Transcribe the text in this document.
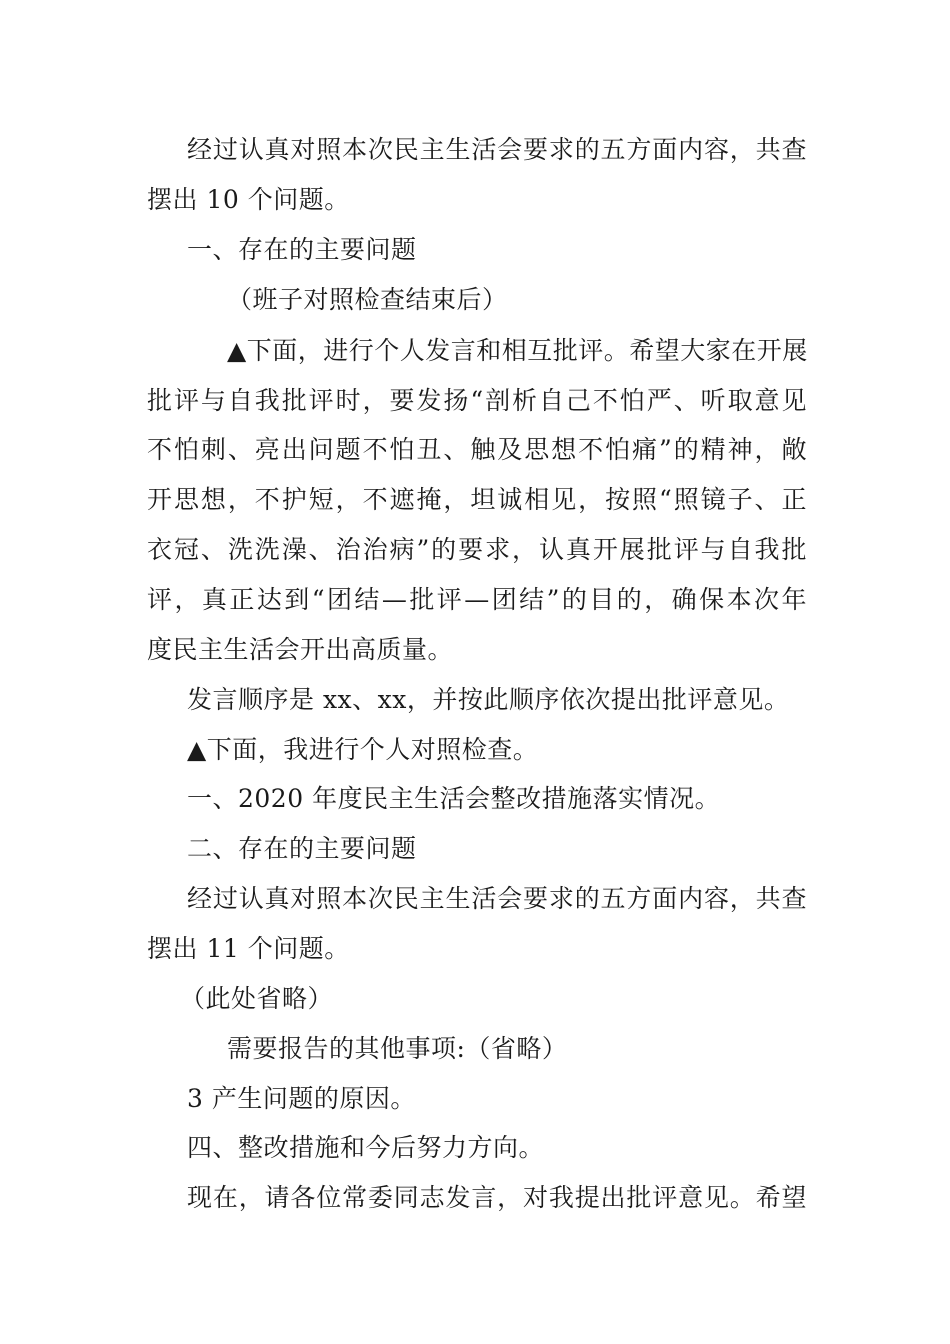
经过认真对照本次民主生活会要求的五方面内容，共查
摆出 10 个问题。
一、存在的主要问题
（班子对照检查结束后）
▲下面，进行个人发言和相互批评。希望大家在开展
批评与自我批评时，要发扬“剖析自己不怕严、听取意见
不怕刺、亮出问题不怕丑、触及思想不怕痛”的精神，敞
开思想，不护短，不遮掩，坦诚相见，按照“照镜子、正
衣冠、洗洗澡、治治病”的要求，认真开展批评与自我批
评，真正达到“团结—批评—团结”的目的，确保本次年
度民主生活会开出高质量。
发言顺序是 xx、xx，并按此顺序依次提出批评意见。
▲下面，我进行个人对照检查。
一、2020 年度民主生活会整改措施落实情况。
二、存在的主要问题
经过认真对照本次民主生活会要求的五方面内容，共查
摆出 11 个问题。
（此处省略）
需要报告的其他事项:（省略）
3 产生问题的原因。
四、整改措施和今后努力方向。
现在，请各位常委同志发言，对我提出批评意见。希望
